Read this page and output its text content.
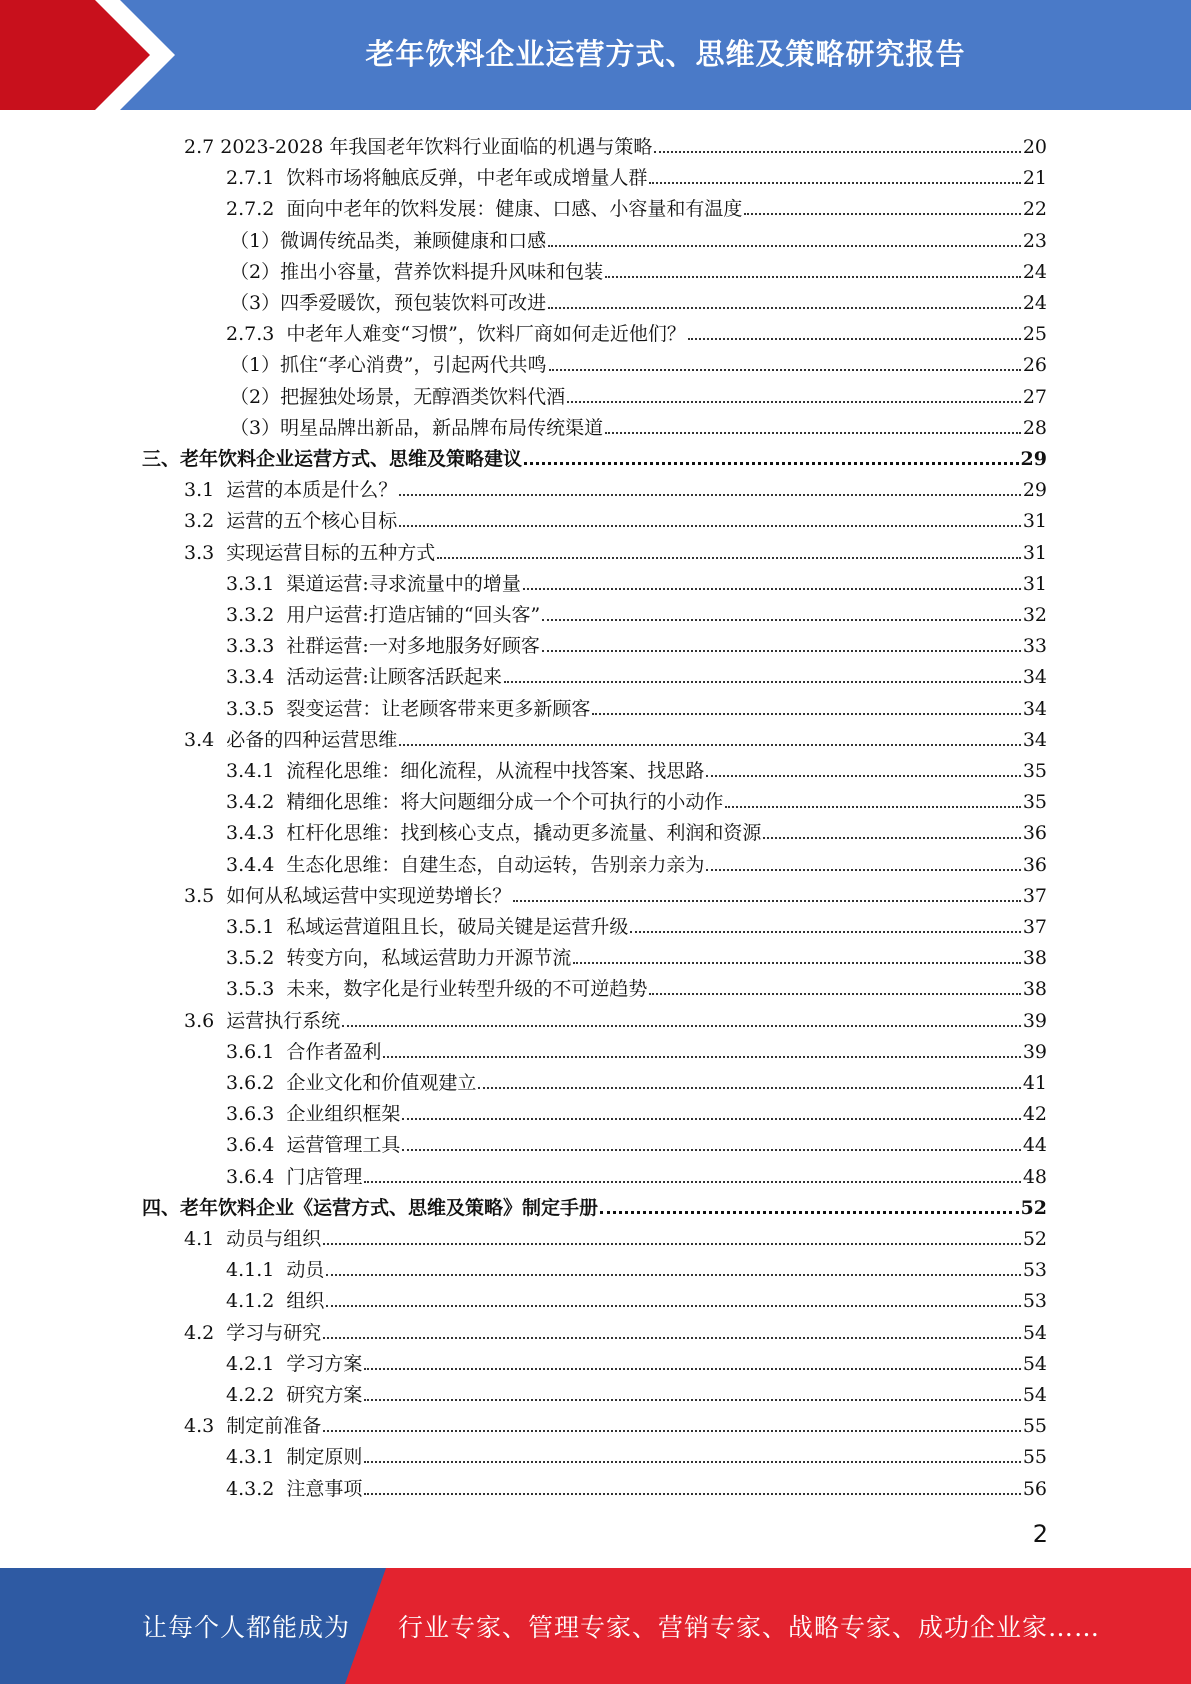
老年饮料企业运营方式、思维及策略研究报告
2.7 2023-2028 年我国老年饮料行业面临的机遇与策略	20
2.7.1  饮料市场将触底反弹，中老年或成增量人群	21
2.7.2  面向中老年的饮料发展：健康、口感、小容量和有温度	22
（1）微调传统品类，兼顾健康和口感	23
（2）推出小容量，营养饮料提升风味和包装	24
（3）四季爱暖饮，预包装饮料可改进	24
2.7.3  中老年人难变“习惯”，饮料厂商如何走近他们？	25
（1）抓住“孝心消费”，引起两代共鸣	26
（2）把握独处场景，无醇酒类饮料代酒	27
（3）明星品牌出新品，新品牌布局传统渠道	28
三、老年饮料企业运营方式、思维及策略建议	29
3.1  运营的本质是什么？	29
3.2  运营的五个核心目标	31
3.3  实现运营目标的五种方式	31
3.3.1  渠道运营:寻求流量中的增量	31
3.3.2  用户运营:打造店铺的“回头客”	32
3.3.3  社群运营:一对多地服务好顾客	33
3.3.4  活动运营:让顾客活跃起来	34
3.3.5  裂变运营：让老顾客带来更多新顾客	34
3.4  必备的四种运营思维	34
3.4.1  流程化思维：细化流程，从流程中找答案、找思路	35
3.4.2  精细化思维：将大问题细分成一个个可执行的小动作	35
3.4.3  杠杆化思维：找到核心支点，撬动更多流量、利润和资源	36
3.4.4  生态化思维：自建生态，自动运转，告别亲力亲为	36
3.5  如何从私域运营中实现逆势增长？	37
3.5.1  私域运营道阻且长，破局关键是运营升级	37
3.5.2  转变方向，私域运营助力开源节流	38
3.5.3  未来，数字化是行业转型升级的不可逆趋势	38
3.6  运营执行系统	39
3.6.1  合作者盈利	39
3.6.2  企业文化和价值观建立	41
3.6.3  企业组织框架	42
3.6.4  运营管理工具	44
3.6.4  门店管理	48
四、老年饮料企业《运营方式、思维及策略》制定手册	52
4.1  动员与组织	52
4.1.1  动员	53
4.1.2  组织	53
4.2  学习与研究	54
4.2.1  学习方案	54
4.2.2  研究方案	54
4.3  制定前准备	55
4.3.1  制定原则	55
4.3.2  注意事项	56
2
让每个人都能成为 行业专家、管理专家、营销专家、战略专家、成功企业家……
